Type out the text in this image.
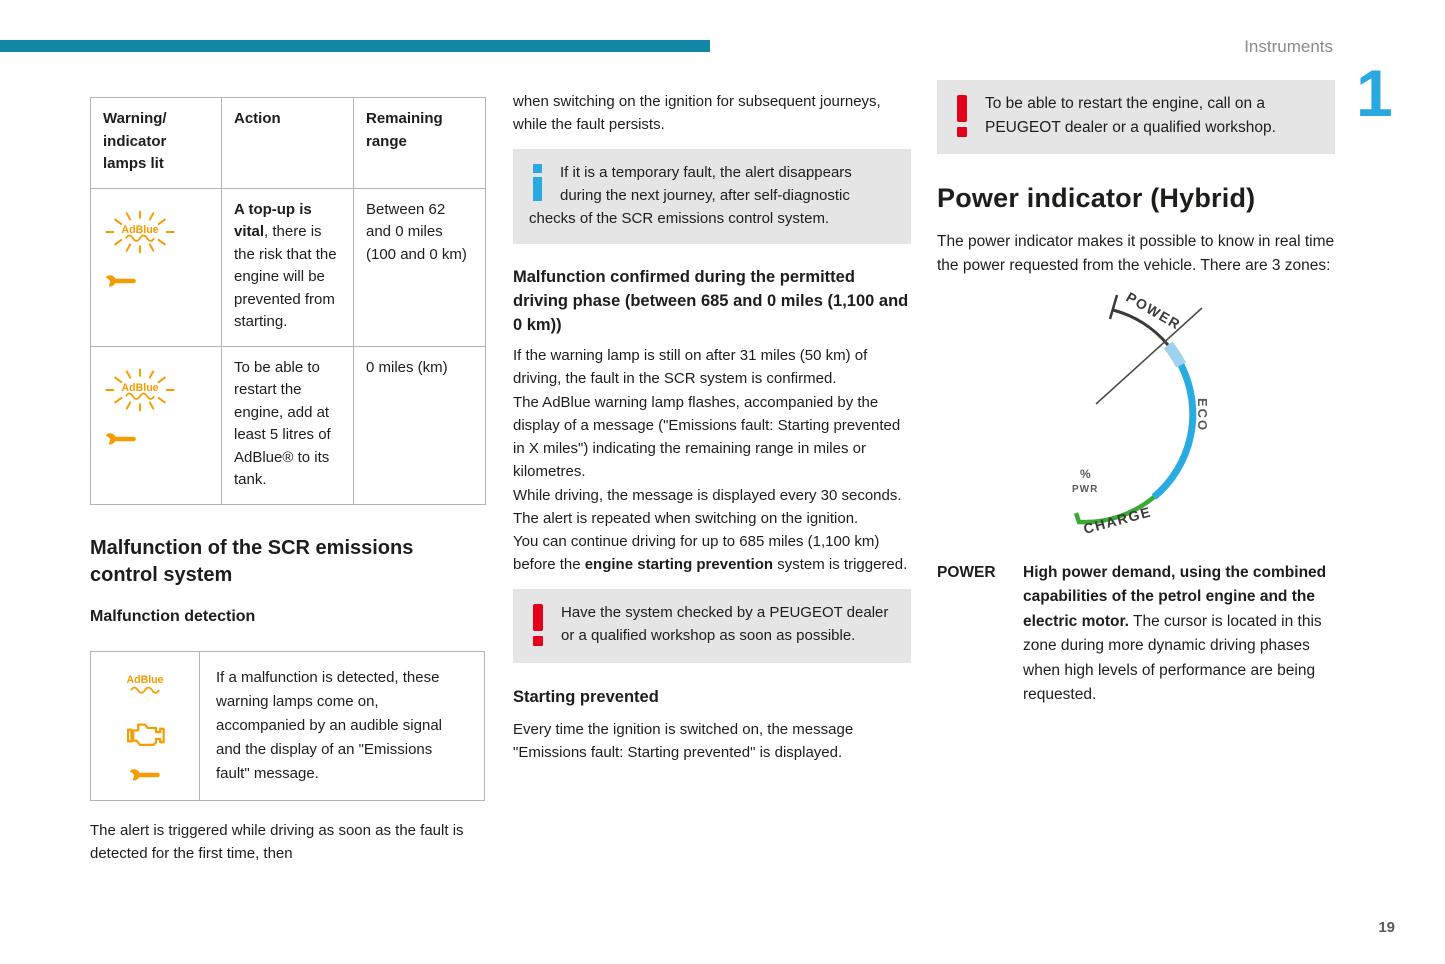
Instruments
1
Warning/ indicator lamps lit	Action	Remaining range

AdBlue	A top-up is vital, there is the risk that the engine will be prevented from starting.	Between 62 and 0 miles (100 and 0 km)

AdBlue	To be able to restart the engine, add at least 5 litres of AdBlue® to its tank.	0 miles (km)
Malfunction of the SCR emissions control system
Malfunction detection
AdBlue	If a malfunction is detected, these warning lamps come on, accompanied by an audible signal and the display of an "Emissions fault" message.

The alert is triggered while driving as soon as the fault is detected for the first time, then

when switching on the ignition for subsequent journeys, while the fault persists.

If it is a temporary fault, the alert disappears during the next journey, after self-diagnostic checks of the SCR emissions control system.
Malfunction confirmed during the permitted driving phase (between 685 and 0 miles (1,100 and 0 km))

If the warning lamp is still on after 31 miles (50 km) of driving, the fault in the SCR system is confirmed.

The AdBlue warning lamp flashes, accompanied by the display of a message ("Emissions fault: Starting prevented in X miles") indicating the remaining range in miles or kilometres.

While driving, the message is displayed every 30 seconds. The alert is repeated when switching on the ignition.

You can continue driving for up to 685 miles (1,100 km) before the engine starting prevention system is triggered.

Have the system checked by a PEUGEOT dealer or a qualified workshop as soon as possible.
Starting prevented

Every time the ignition is switched on, the message "Emissions fault: Starting prevented" is displayed.

To be able to restart the engine, call on a PEUGEOT dealer or a qualified workshop.
Power indicator (Hybrid)

The power indicator makes it possible to know in real time the power requested from the vehicle. There are 3 zones:

POWER
ECO
%
PWR
CHARGE
POWER	High power demand, using the combined capabilities of the petrol engine and the electric motor. The cursor is located in this zone during more dynamic driving phases when high levels of performance are being requested.
19
